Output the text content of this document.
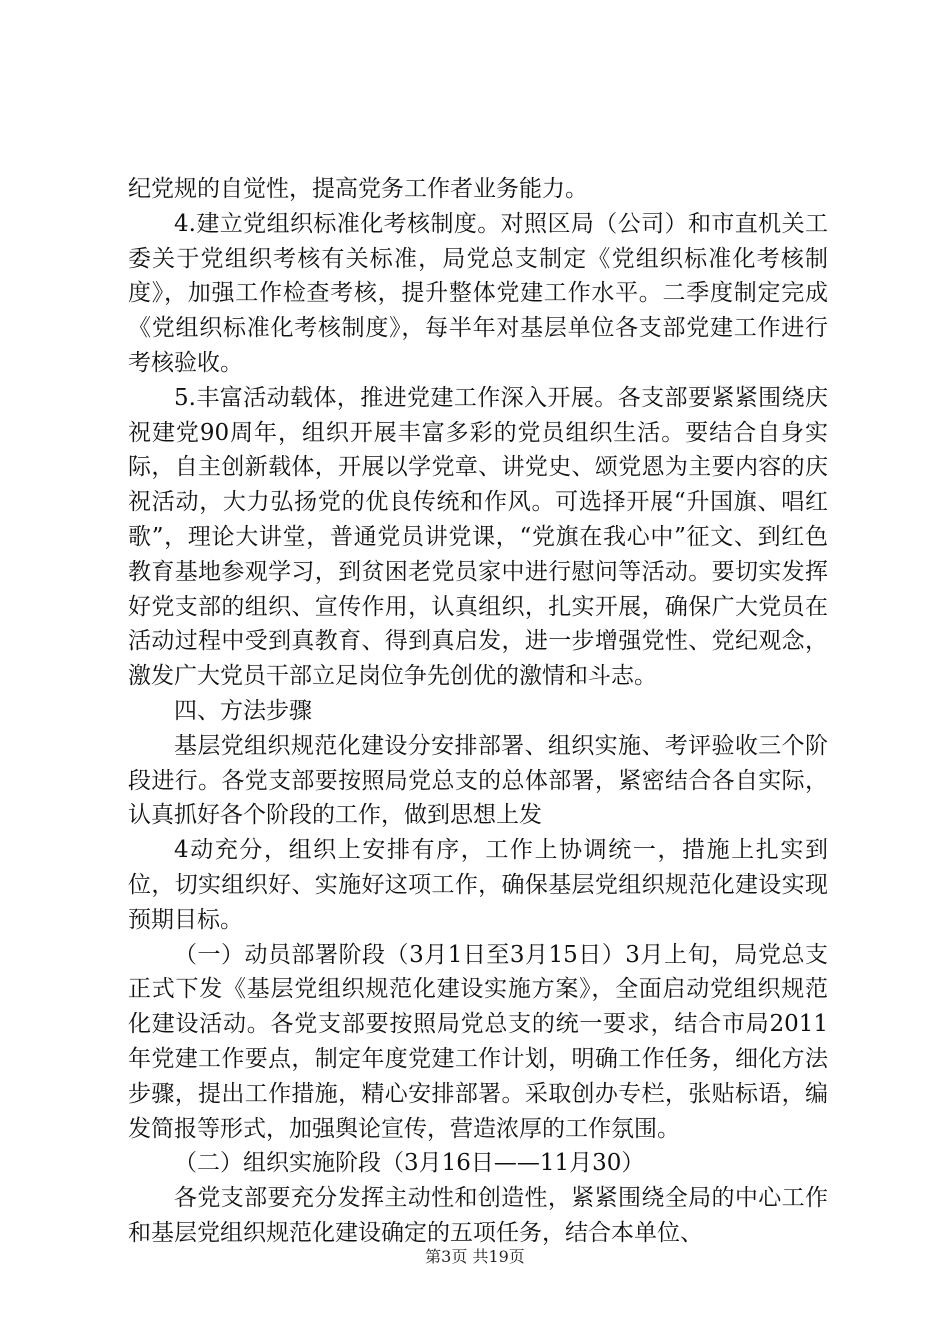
纪党规的自觉性，提高党务工作者业务能力。

4.建立党组织标准化考核制度。对照区局（公司）和市直机关工委关于党组织考核有关标准，局党总支制定《党组织标准化考核制度》，加强工作检查考核，提升整体党建工作水平。二季度制定完成《党组织标准化考核制度》，每半年对基层单位各支部党建工作进行考核验收。

5.丰富活动载体，推进党建工作深入开展。各支部要紧紧围绕庆祝建党90周年，组织开展丰富多彩的党员组织生活。要结合自身实际，自主创新载体，开展以学党章、讲党史、颂党恩为主要内容的庆祝活动，大力弘扬党的优良传统和作风。可选择开展“升国旗、唱红歌”，理论大讲堂，普通党员讲党课，“党旗在我心中”征文、到红色教育基地参观学习，到贫困老党员家中进行慰问等活动。要切实发挥好党支部的组织、宣传作用，认真组织，扎实开展，确保广大党员在活动过程中受到真教育、得到真启发，进一步增强党性、党纪观念，激发广大党员干部立足岗位争先创优的激情和斗志。

四、方法步骤

基层党组织规范化建设分安排部署、组织实施、考评验收三个阶段进行。各党支部要按照局党总支的总体部署，紧密结合各自实际，认真抓好各个阶段的工作，做到思想上发

4动充分，组织上安排有序，工作上协调统一，措施上扎实到位，切实组织好、实施好这项工作，确保基层党组织规范化建设实现预期目标。

（一）动员部署阶段（3月1日至3月15日）3月上旬，局党总支正式下发《基层党组织规范化建设实施方案》，全面启动党组织规范化建设活动。各党支部要按照局党总支的统一要求，结合市局2011年党建工作要点，制定年度党建工作计划，明确工作任务，细化方法步骤，提出工作措施，精心安排部署。采取创办专栏，张贴标语，编发简报等形式，加强舆论宣传，营造浓厚的工作氛围。

（二）组织实施阶段（3月16日——11月30）

各党支部要充分发挥主动性和创造性，紧紧围绕全局的中心工作和基层党组织规范化建设确定的五项任务，结合本单位、

第3页 共19页
